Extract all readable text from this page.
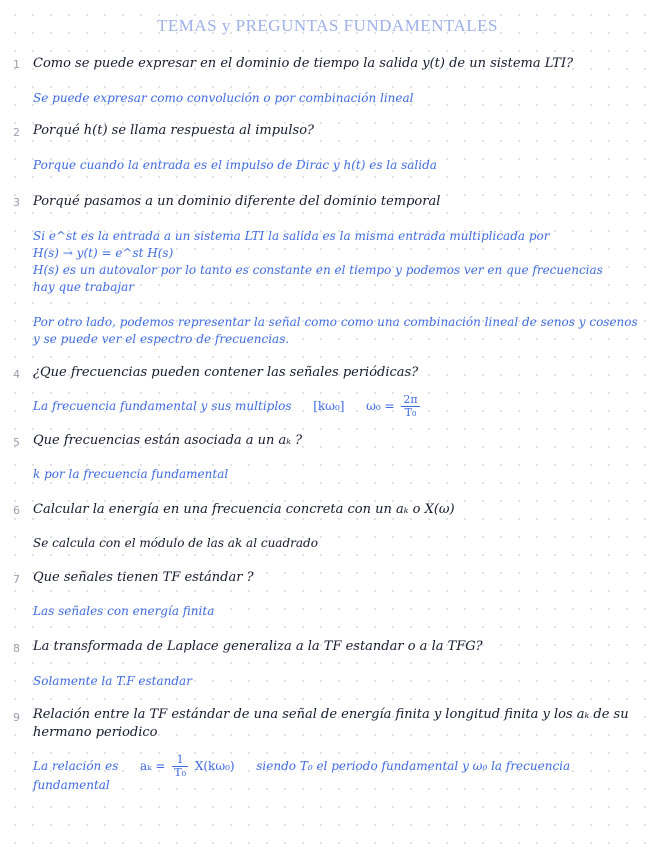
TEMAS y PREGUNTAS FUNDAMENTALES
1	Como se puede expresar en el dominio de tiempo la salida y(t) de un sistema LTI?
Se puede expresar como convolución o por combinación lineal
2	Porqué h(t) se llama respuesta al impulso?
Porque cuando la entrada es el impulso de Dirac y h(t) es la salida
3	Porqué pasamos a un dominio diferente del dominio temporal
Si e^st es la entrada a un sistema LTI la salida es la misma entrada multiplicada por
H(s) → y(t) = e^st H(s)
H(s) es un autovalor por lo tanto es constante en el tiempo y podemos ver en que frecuencias
hay que trabajar
Por otro lado, podemos representar la señal como como una combinación lineal de senos y cosenos
y se puede ver el espectro de frecuencias.
4	¿Que frecuencias pueden contener las señales periódicas?
La frecuencia fundamental y sus multiplos [kω₀] $\omega_0 = \frac{2\pi}{\text{T₀}}$
5	Que frecuencias están asociada a un aₖ ?
k por la frecuencia fundamental
6	Calcular la energía en una frecuencia concreta con un aₖ o X(ω)
Se calcula con el módulo de las ak al cuadrado
7	Que señales tienen TF estándar ?
Las señales con energía finita
8	La transformada de Laplace generaliza a la TF estandar o a la TFG?
Solamente la T.F estandar
9	Relación entre la TF estándar de una señal de energía finita y longitud finita y los aₖ de su hermano periodico
La relación es $a_k = \frac{1}{\text{T₀}} X(k\omega_0)$ siendo T₀ el periodo fundamental y ω₀ la frecuencia
fundamental
